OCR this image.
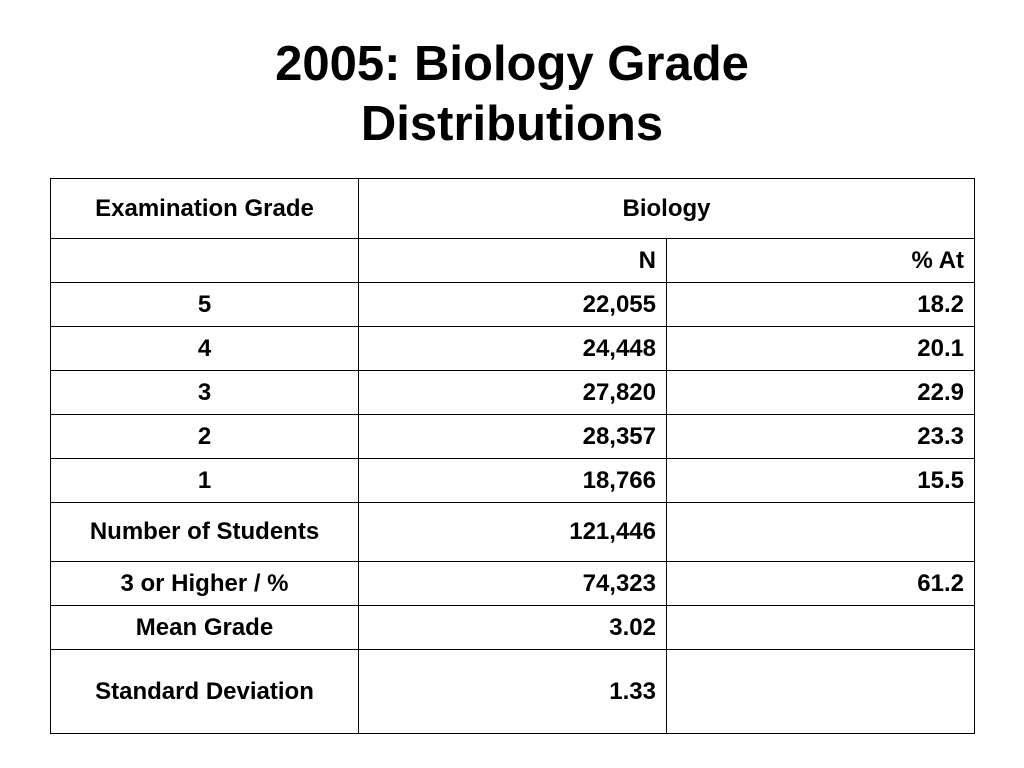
2005: Biology Grade
Distributions
Examination Grade	Biology	
	N	% At
5	22,055	18.2
4	24,448	20.1
3	27,820	22.9
2	28,357	23.3
1	18,766	15.5
Number of Students	121,446	
3 or Higher / %	74,323	61.2
Mean Grade	3.02	
Standard Deviation	1.33	
